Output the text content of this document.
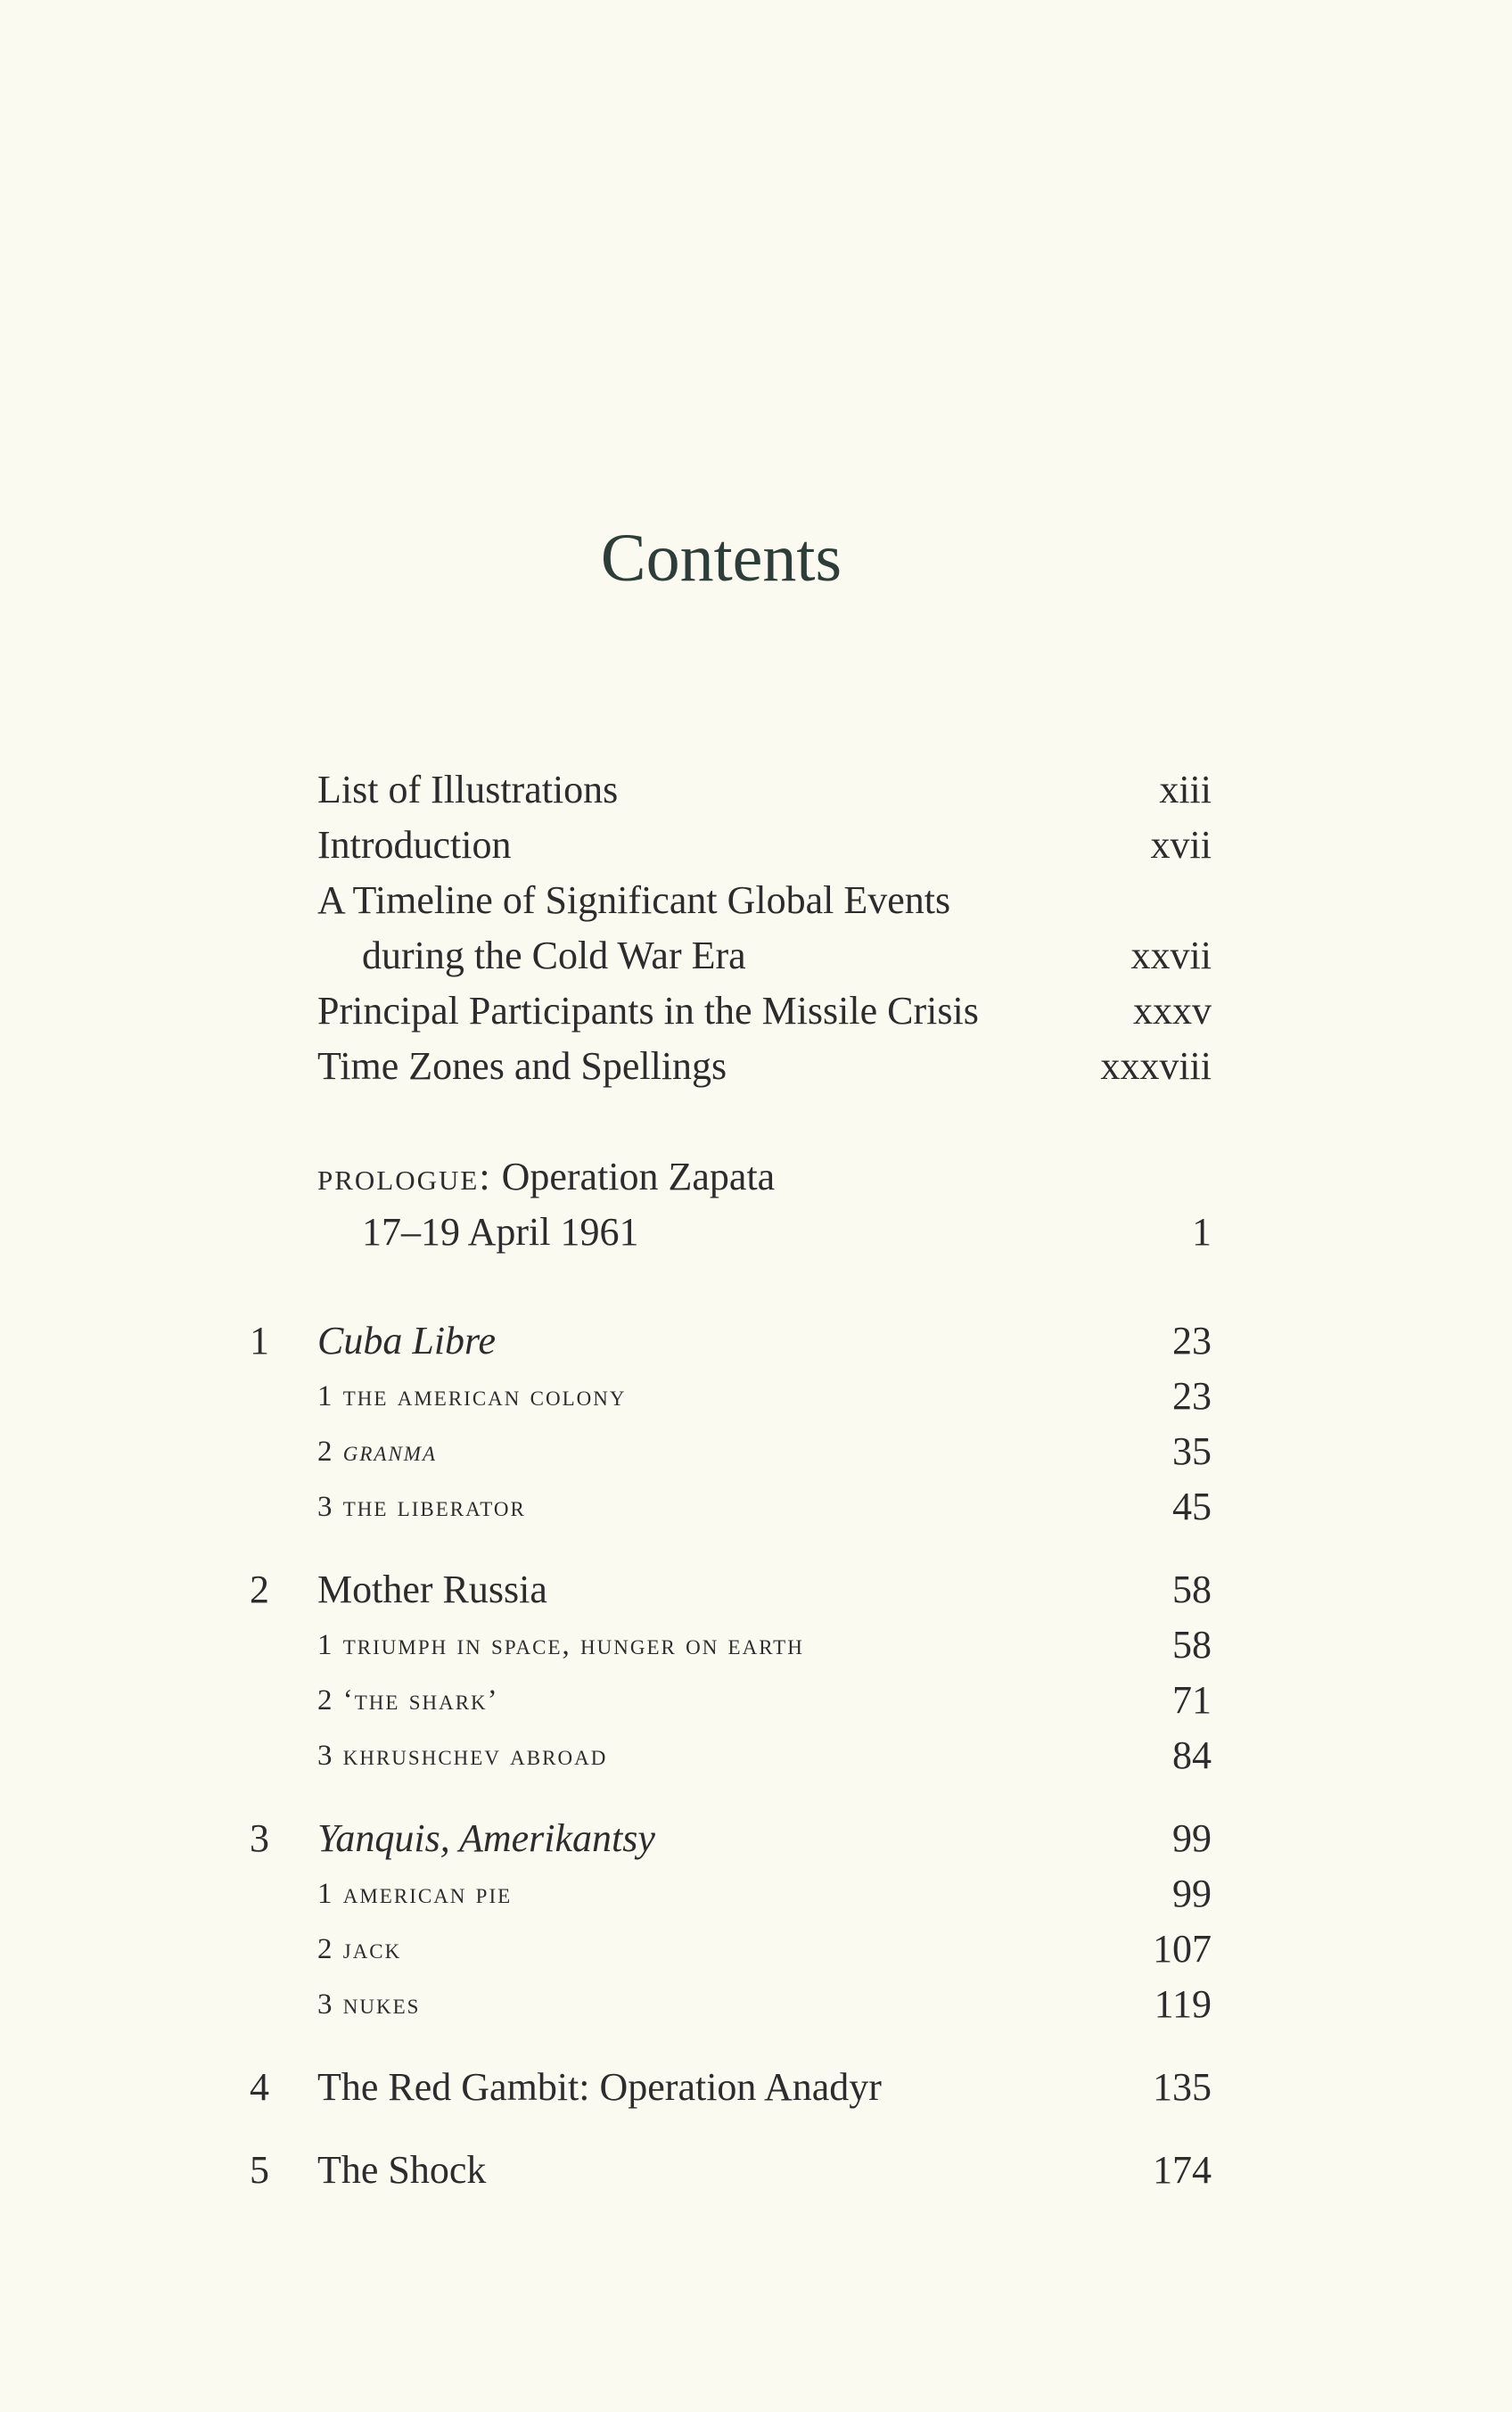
Contents
List of Illustrations	xiii
Introduction	xvii
A Timeline of Significant Global Events
during the Cold War Era	xxvii
Principal Participants in the Missile Crisis	xxxv
Time Zones and Spellings	xxxviii
prologue: Operation Zapata
17–19 April 1961	1
1 Cuba Libre	23
1 the american colony	23
2 granma	35
3 the liberator	45
2 Mother Russia	58
1 triumph in space, hunger on earth	58
2 ‘the shark’	71
3 khrushchev abroad	84
3 Yanquis, Amerikantsy	99
1 american pie	99
2 jack	107
3 nukes	119
4 The Red Gambit: Operation Anadyr	135
5 The Shock	174
